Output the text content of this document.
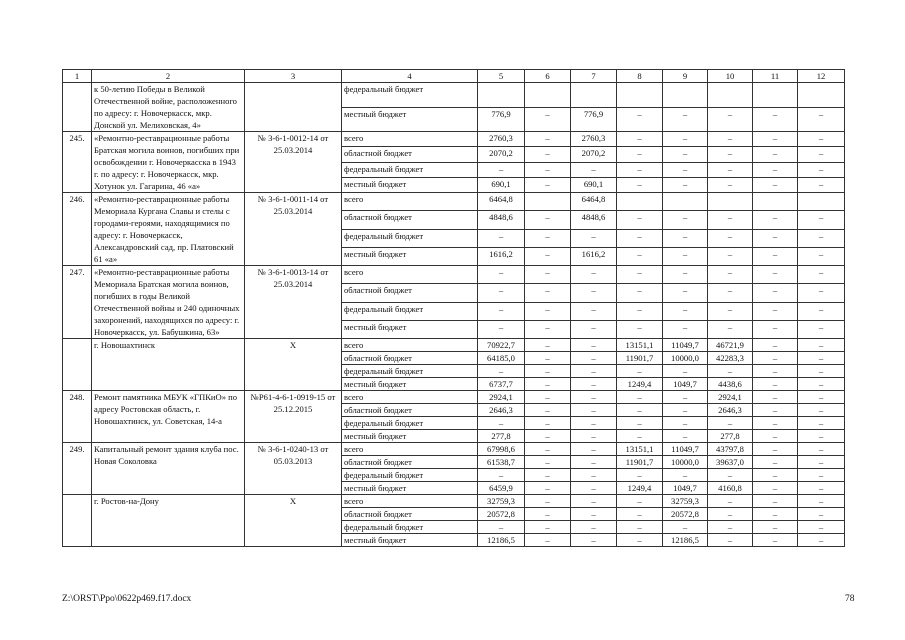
1	2	3	4	5	6	7	8	9	10	11	12
	к 50-летию Победы в Великой Отечественной войне, расположенного по адресу: г. Новочеркасск, мкр. Донской ул. Мелиховская, 4»		федеральный бюджет								
			местный бюджет	776,9	–	776,9	–	–	–	–	–
245.	«Ремонтно-реставрационные работы Братская могила воинов, погибших при освобождении г. Новочеркасска в 1943 г. по адресу: г. Новочеркасск, мкр. Хотунок ул. Гагарина, 46 «а»	№ 3-6-1-0012-14 от 25.03.2014	всего	2760,3	–	2760,3	–	–	–	–	–
			областной бюджет	2070,2	–	2070,2	–	–	–	–	–
			федеральный бюджет	–	–	–	–	–	–	–	–
			местный бюджет	690,1	–	690,1	–	–	–	–	–
246.	«Ремонтно-реставрационные работы Мемориала Кургана Славы и стелы с городами-героями, находящимися по адресу: г. Новочеркасск, Александровский сад, пр. Платовский 61 «а»	№ 3-6-1-0011-14 от 25.03.2014	всего	6464,8		6464,8					
			областной бюджет	4848,6	–	4848,6	–	–	–	–	–
			федеральный бюджет	–	–	–	–	–	–	–	–
			местный бюджет	1616,2	–	1616,2	–	–	–	–	–
247.	«Ремонтно-реставрационные работы Мемориала Братская могила воинов, погибших в годы Великой Отечественной войны и 240 одиночных захоронений, находящихся по адресу: г. Новочеркасск, ул. Бабушкина, 63»	№ 3-6-1-0013-14 от 25.03.2014	всего	–	–	–	–	–	–	–	–
			областной бюджет	–	–	–	–	–	–	–	–
			федеральный бюджет	–	–	–	–	–	–	–	–
			местный бюджет	–	–	–	–	–	–	–	–
	г. Новошахтинск	Х	всего	70922,7	–	–	13151,1	11049,7	46721,9	–	–
			областной бюджет	64185,0	–	–	11901,7	10000,0	42283,3	–	–
			федеральный бюджет	–	–	–	–	–	–	–	–
			местный бюджет	6737,7	–	–	1249,4	1049,7	4438,6	–	–
248.	Ремонт памятника МБУК «ГПКиО» по адресу Ростовская область, г. Новошахтинск, ул. Советская, 14-а	№Р61-4-6-1-0919-15 от 25.12.2015	всего	2924,1	–	–	–	–	2924,1	–	–
			областной бюджет	2646,3	–	–	–	–	2646,3	–	–
			федеральный бюджет	–	–	–	–	–	–	–	–
			местный бюджет	277,8	–	–	–	–	277,8	–	–
249.	Капитальный ремонт здания клуба пос. Новая Соколовка	№ 3-6-1-0240-13 от 05.03.2013	всего	67998,6	–	–	13151,1	11049,7	43797,8	–	–
			областной бюджет	61538,7	–	–	11901,7	10000,0	39637,0	–	–
			федеральный бюджет	–	–	–	–	–	–	–	–
			местный бюджет	6459,9	–	–	1249,4	1049,7	4160,8	–	–
	г. Ростов-на-Дону	Х	всего	32759,3	–	–	–	32759,3	–	–	–
			областной бюджет	20572,8	–	–	–	20572,8	–	–	–
			федеральный бюджет	–	–	–	–	–	–	–	–
			местный бюджет	12186,5	–	–	–	12186,5	–	–	–
Z:\ORST\Ppo\0622p469.f17.docx	78
